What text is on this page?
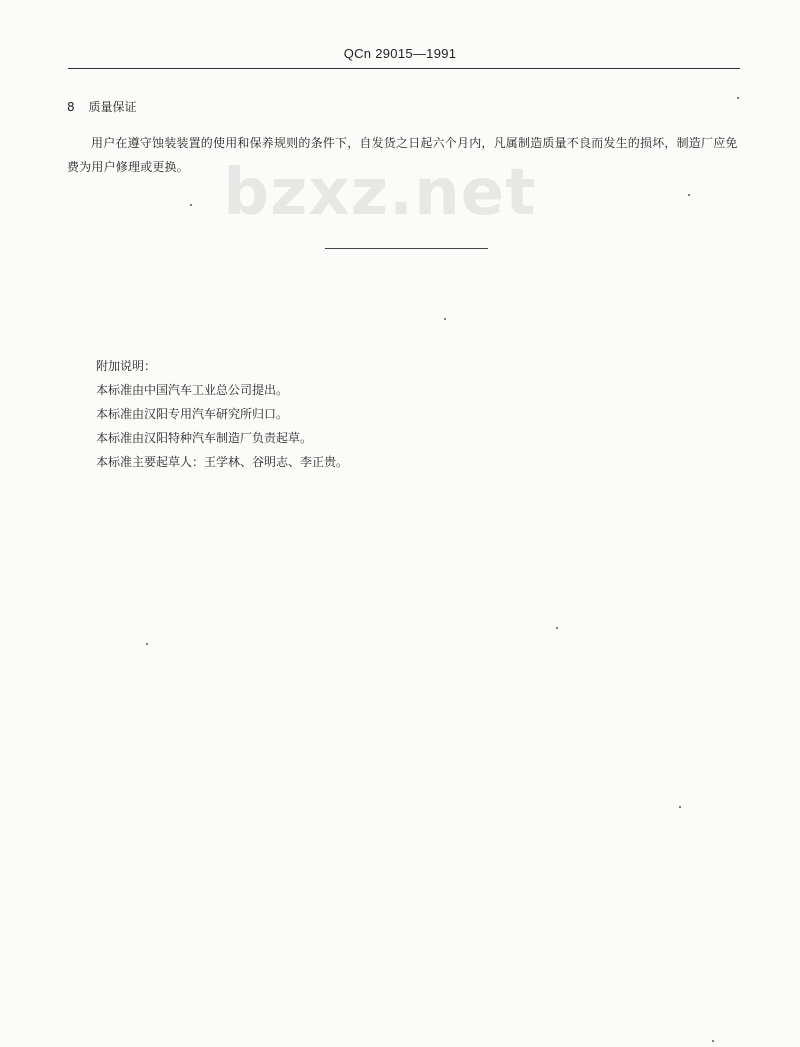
QCn 29015—1991
8 质量保证
用户在遵守蚀装装置的使用和保养规则的条件下，自发货之日起六个月内，凡属制造质量不良而发生的损坏，制造厂应免费为用户修理或更换。 bzxz.net
附加说明：
本标准由中国汽车工业总公司提出。
本标准由汉阳专用汽车研究所归口。
本标准由汉阳特种汽车制造厂负责起草。
本标准主要起草人：王学林、谷明志、李正贵。
